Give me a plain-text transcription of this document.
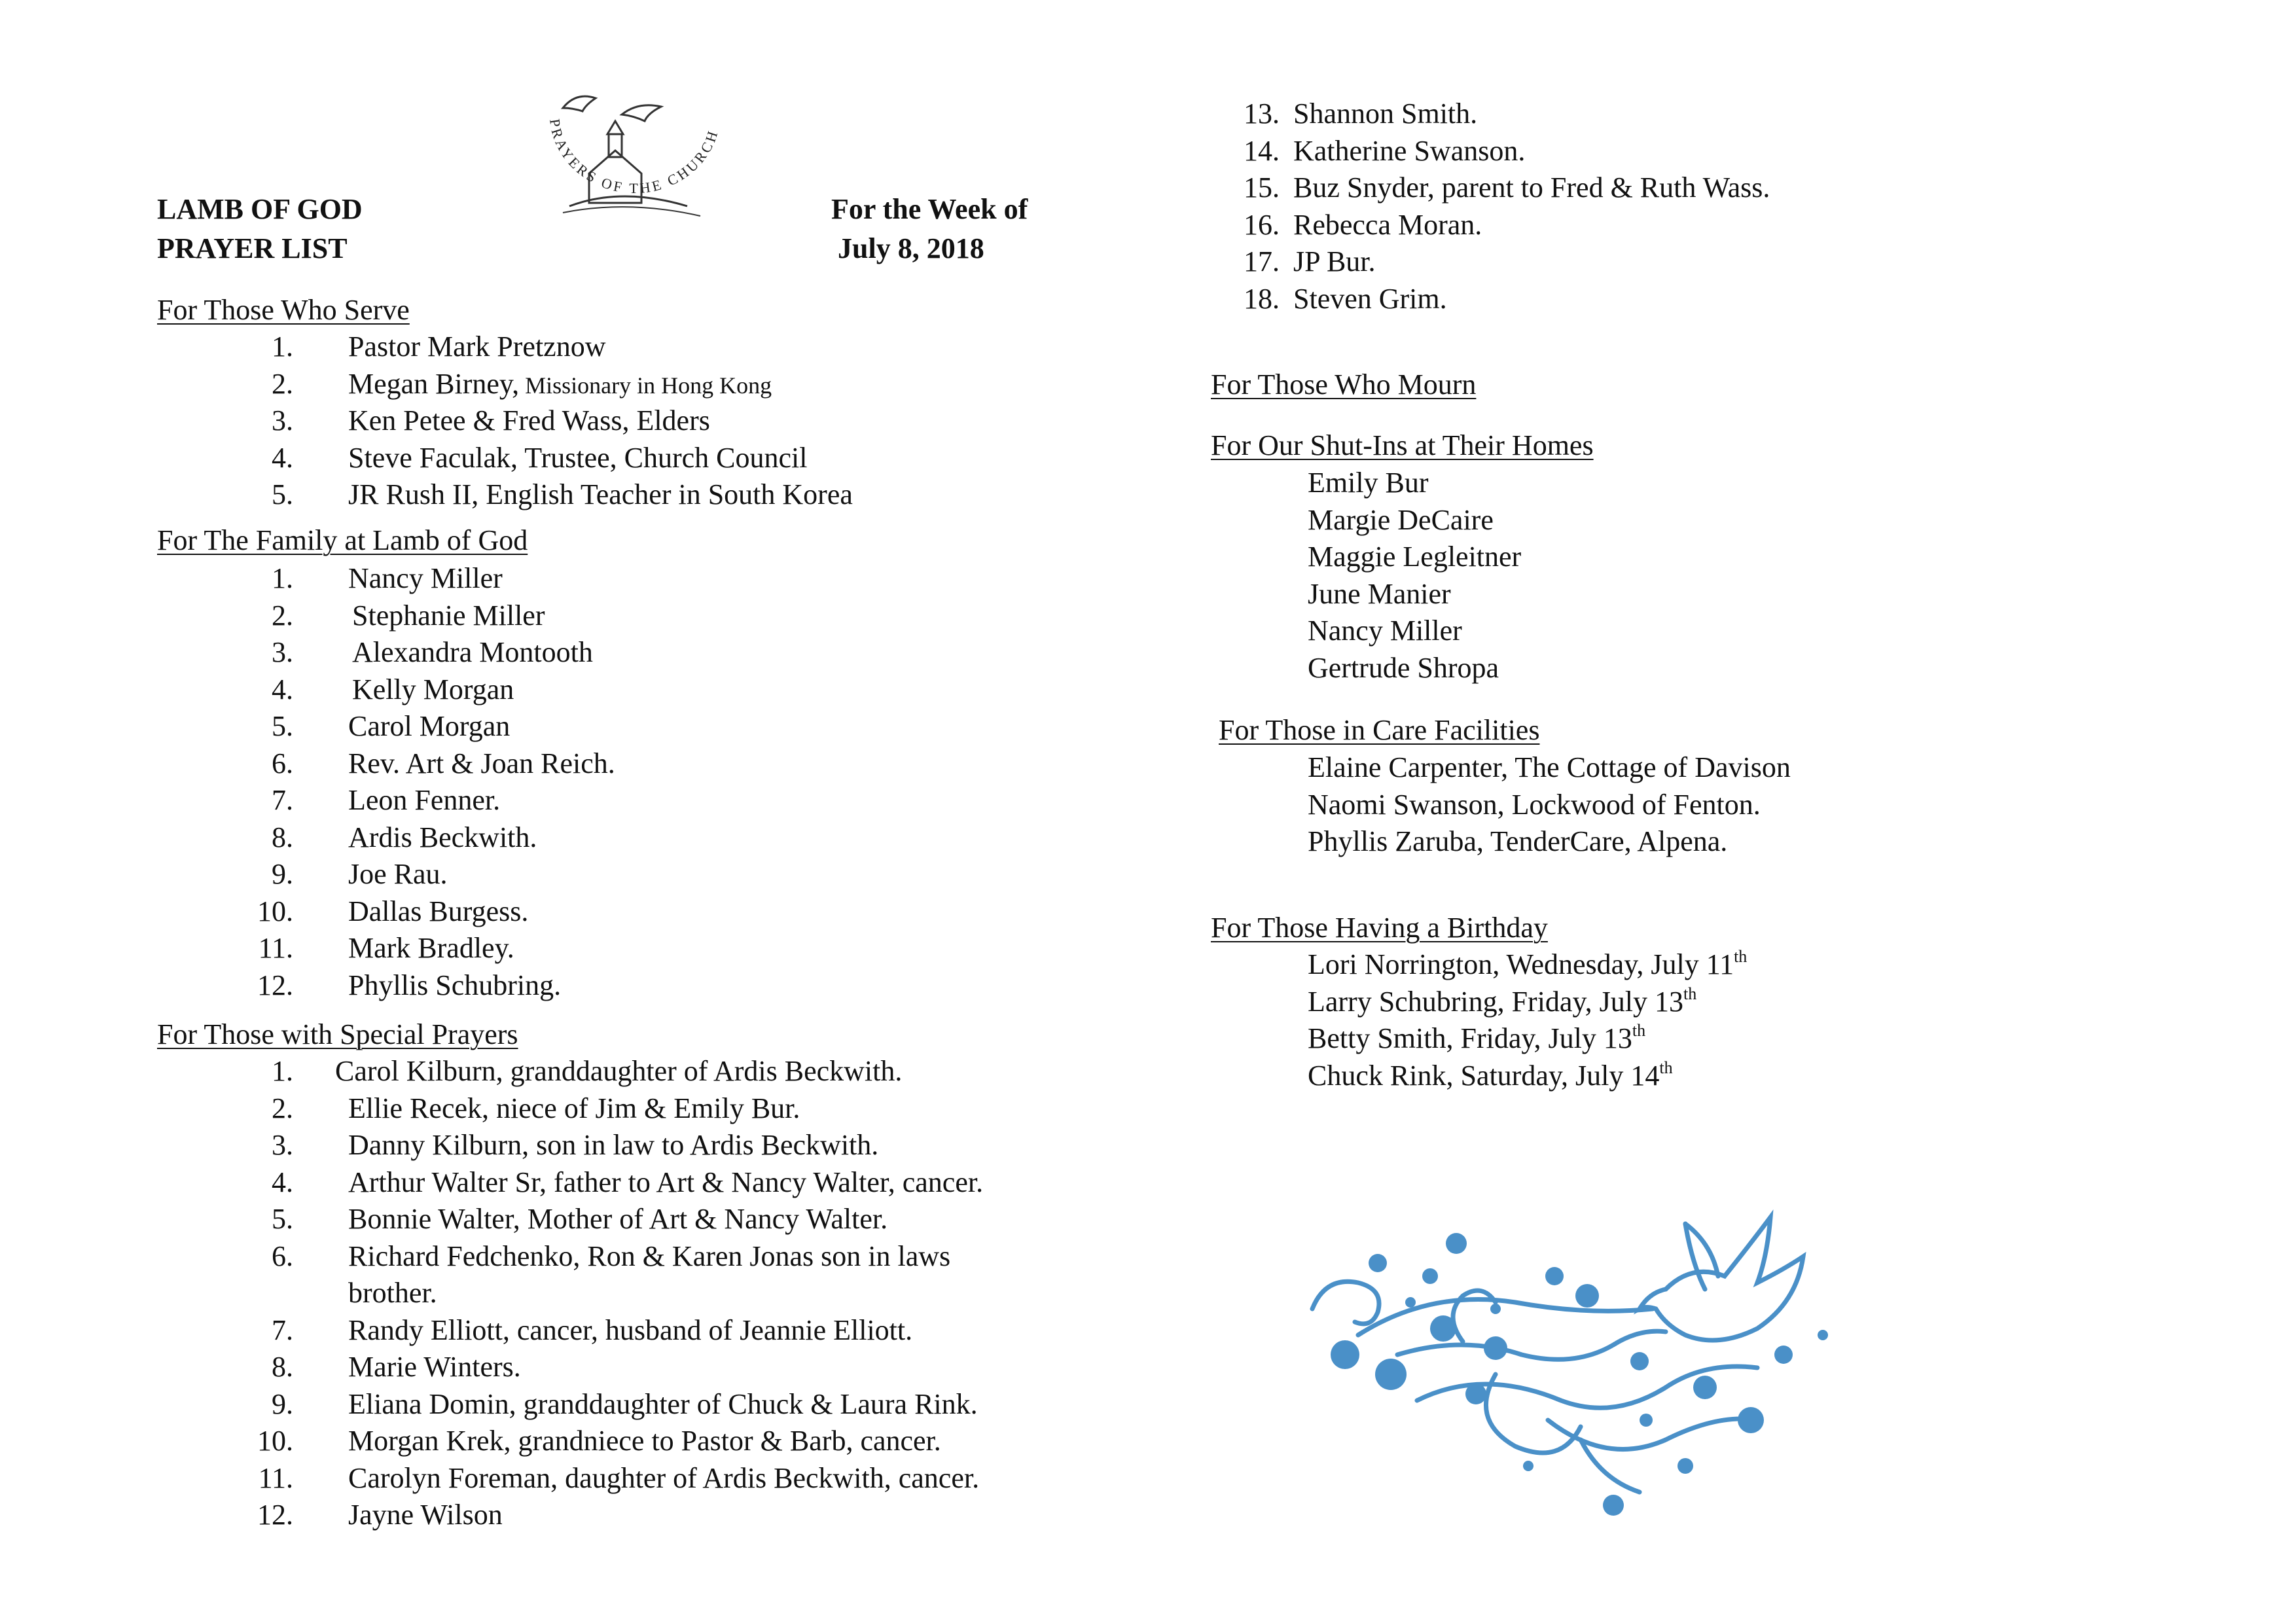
PRAYERS OF THE CHURCH
LAMB OF GOD
PRAYER LIST
For the Week of
July 8, 2018
For Those Who Serve
1. Pastor Mark Pretznow
2. Megan Birney, Missionary in Hong Kong
3. Ken Petee & Fred Wass, Elders
4. Steve Faculak, Trustee, Church Council
5. JR Rush II, English Teacher in South Korea
For The Family at Lamb of God
1. Nancy Miller
2. Stephanie Miller
3. Alexandra Montooth
4. Kelly Morgan
5. Carol Morgan
6. Rev. Art & Joan Reich.
7. Leon Fenner.
8. Ardis Beckwith.
9. Joe Rau.
10. Dallas Burgess.
11. Mark Bradley.
12. Phyllis Schubring.
For Those with Special Prayers
1. Carol Kilburn, granddaughter of Ardis Beckwith.
2. Ellie Recek, niece of Jim & Emily Bur.
3. Danny Kilburn, son in law to Ardis Beckwith.
4. Arthur Walter Sr, father to Art & Nancy Walter, cancer.
5. Bonnie Walter, Mother of Art & Nancy Walter.
6. Richard Fedchenko, Ron & Karen Jonas son in laws
brother.
7. Randy Elliott, cancer, husband of Jeannie Elliott.
8. Marie Winters.
9. Eliana Domin, granddaughter of Chuck & Laura Rink.
10. Morgan Krek, grandniece to Pastor & Barb, cancer.
11. Carolyn Foreman, daughter of Ardis Beckwith, cancer.
12. Jayne Wilson
13. Shannon Smith.
14. Katherine Swanson.
15. Buz Snyder, parent to Fred & Ruth Wass.
16. Rebecca Moran.
17. JP Bur.
18. Steven Grim.
For Those Who Mourn
For Our Shut-Ins at Their Homes
Emily Bur
Margie DeCaire
Maggie Legleitner
June Manier
Nancy Miller
Gertrude Shropa
For Those in Care Facilities
Elaine Carpenter, The Cottage of Davison
Naomi Swanson, Lockwood of Fenton.
Phyllis Zaruba, TenderCare, Alpena.
For Those Having a Birthday
Lori Norrington, Wednesday, July 11th
Larry Schubring, Friday, July 13th
Betty Smith, Friday, July 13th
Chuck Rink, Saturday, July 14th
